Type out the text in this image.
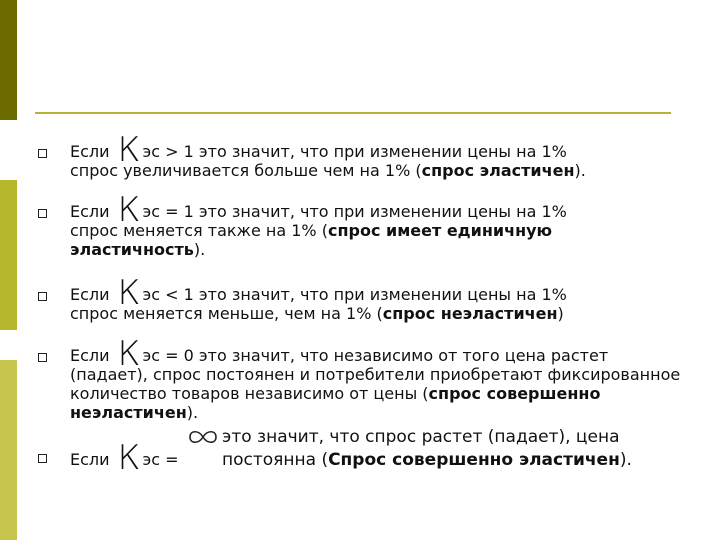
Если К эс > 1 это значит, что при изменении цены на 1%
спрос увеличивается больше чем на 1% (спрос эластичен).
Если К эс = 1 это значит, что при изменении цены на 1%
спрос меняется также на 1% (спрос имеет единичную эластичность).
Если К эс < 1 это значит, что при изменении цены на 1%
спрос меняется меньше, чем на 1% (спрос неэластичен)
Если К эс = 0 это значит, что независимо от того цена растет
(падает), спрос постоянен и потребители приобретают фиксированное количество товаров независимо от цены (спрос совершенно неэластичен).
Если К эс =
это значит, что спрос растет (падает), цена постоянна (Спрос совершенно эластичен).
